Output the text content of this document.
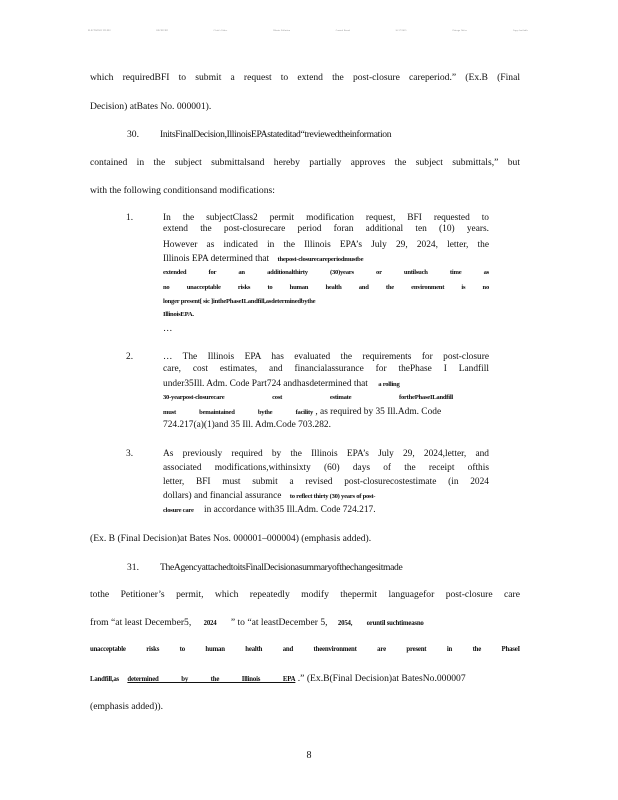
ELECTRONIC FILING	RECEIVED	Clerk's Office	Illinois Pollution	Control Board	10/17/2025	Chicago Office	Copy Available
which requiredBFI to submit a request to extend the post-closure careperiod.” (Ex.B (Final
Decision) atBates No. 000001).
30. InitsFinalDecision,IllinoisEPAstateditad“treviewedtheinformation
contained in the subject submittalsand hereby partially approves the subject submittals,” but
with the following conditionsand modifications:
1.	In the subjectClass2 permit modification request, BFI requested to
extend the post-closurecare period foran additional ten (10) years.
However as indicated in the Illinois EPA’s July 29, 2024, letter, the
Illinois EPA determined that thepost-closurecareperiodmustbe
extended for an additionalthirty (30)years or untilsuch time as
no unacceptable risks to human health and the environment is no
longer present[ sic ]inthePhaseILandfill,asdeterminedbythe
IllinoisEPA.
…
2.	… The Illinois EPA has evaluated the requirements for post-closure
care, cost estimates, and financialassurance for thePhase I Landfill
under35Ill. Adm. Code Part724 andhasdetermined that a rolling
30-yearpost-closurecare cost estimate forthePhaseILandfill
must bemaintained bythe facility , as required by 35 Ill.Adm. Code
724.217(a)(1)and 35 Ill. Adm.Code 703.282.
3.	As previously required by the Illinois EPA’s July 29, 2024,letter, and
associated modifications,withinsixty (60) days of the receipt ofthis
letter, BFI must submit a revised post-closurecostestimate (in 2024
dollars) and financial assurance to reflect thirty (30) years of post-
closure care in accordance with35 Ill.Adm. Code 724.217.
(Ex. B (Final Decision)at Bates Nos. 000001–000004) (emphasis added).
31. TheAgencyattachedtoitsFinalDecisionasummaryofthechangesitmade
tothe Petitioner’s permit, which repeatedly modify thepermit languagefor post-closure care
from “at least December5, 2024 ” to “at leastDecember 5, 2054, oruntil suchtimeasno
unacceptable risks to human health and theenvironment are present in the PhaseI
Landfill,as determined by the Illinois EPA .” (Ex.B(Final Decision)at BatesNo.000007
(emphasis added)).
8
